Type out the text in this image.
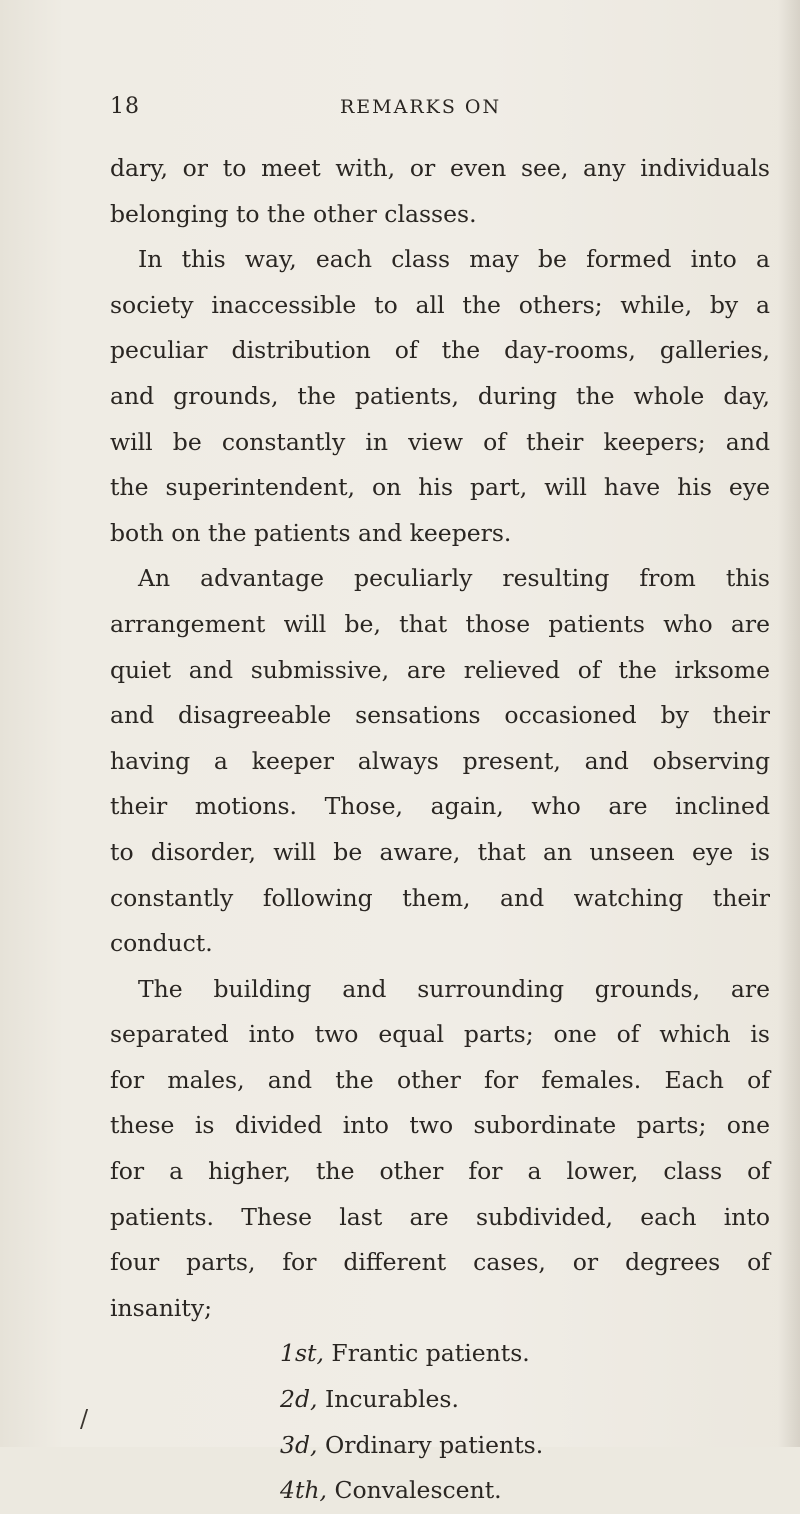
18	REMARKS ON
dary, or to meet with, or even see, any individuals
belonging to the other classes.
In this way, each class may be formed into a
society inaccessible to all the others; while, by a
peculiar distribution of the day-rooms, galleries,
and grounds, the patients, during the whole day,
will be constantly in view of their keepers; and
the superintendent, on his part, will have his eye
both on the patients and keepers.
An advantage peculiarly resulting from this
arrangement will be, that those patients who are
quiet and submissive, are relieved of the irksome
and disagreeable sensations occasioned by their
having a keeper always present, and observing
their motions. Those, again, who are inclined
to disorder, will be aware, that an unseen eye is
constantly following them, and watching their
conduct.
The building and surrounding grounds, are
separated into two equal parts; one of which is
for males, and the other for females. Each of
these is divided into two subordinate parts; one
for a higher, the other for a lower, class of
patients. These last are subdivided, each into
four parts, for different cases, or degrees of
insanity;
1st, Frantic patients.
2d, Incurables.
3d, Ordinary patients.
4th, Convalescent.
/
